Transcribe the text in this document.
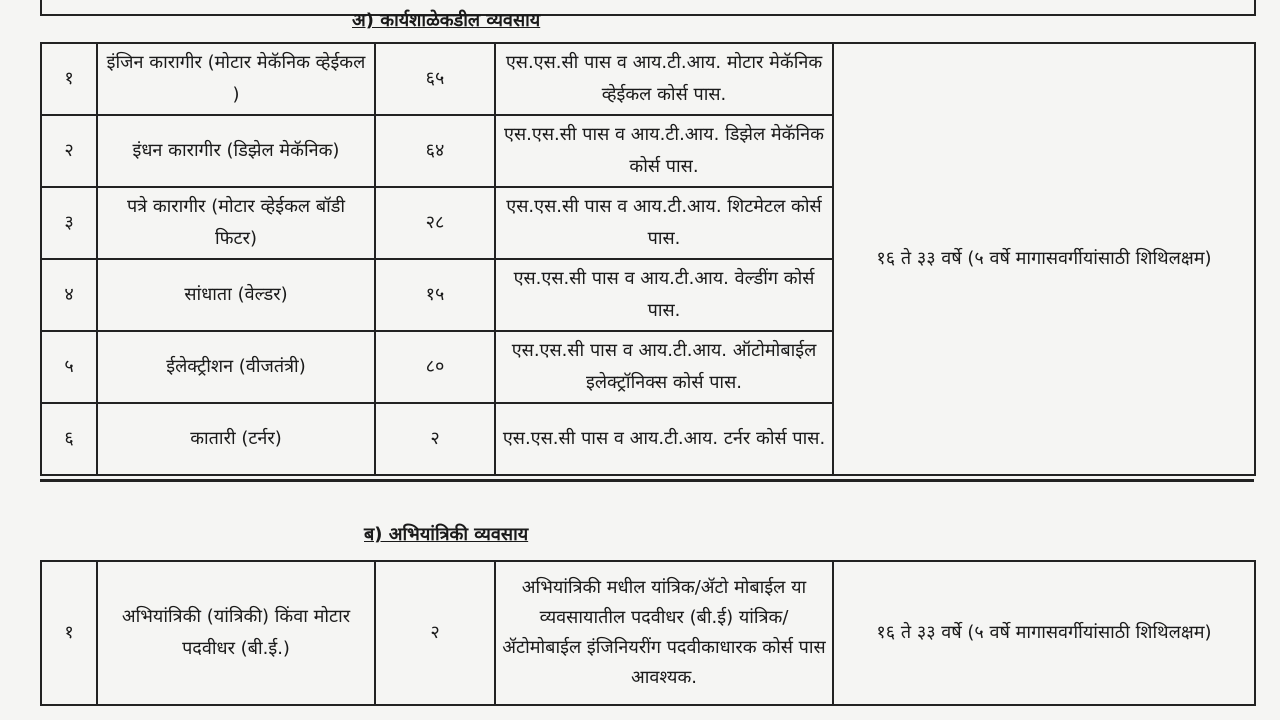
अ) कार्यशाळेकडील व्यवसाय
१	इंजिन कारागीर (मोटार मेकॅनिक व्हेईकल )	६५	एस.एस.सी पास व आय.टी.आय. मोटार मेकॅनिक व्हेईकल कोर्स पास.	१६ ते ३३ वर्षे (५ वर्षे मागासवर्गीयांसाठी शिथिलक्षम)
२	इंधन कारागीर (डिझेल मेकॅनिक)	६४	एस.एस.सी पास व आय.टी.आय. डिझेल मेकॅनिक कोर्स पास.	
३	पत्रे कारागीर (मोटार व्हेईकल बॉडी फिटर)	२८	एस.एस.सी पास व आय.टी.आय. शिटमेटल कोर्स पास.	
४	सांधाता (वेल्डर)	१५	एस.एस.सी पास व आय.टी.आय. वेल्डींग कोर्स पास.	
५	ईलेक्ट्रीशन (वीजतंत्री)	८०	एस.एस.सी पास व आय.टी.आय. ऑटोमोबाईल इलेक्ट्रॉनिक्स कोर्स पास.	
६	कातारी (टर्नर)	२	एस.एस.सी पास व आय.टी.आय. टर्नर कोर्स पास.	
ब) अभियांत्रिकी व्यवसाय
१	अभियांत्रिकी (यांत्रिकी) किंवा मोटार पदवीधर (बी.ई.)	२	अभियांत्रिकी मधील यांत्रिक/ॲटो मोबाईल या व्यवसायातील पदवीधर (बी.ई) यांत्रिक/ॲटोमोबाईल इंजिनियरींग पदवीकाधारक कोर्स पास आवश्यक.	१६ ते ३३ वर्षे (५ वर्षे मागासवर्गीयांसाठी शिथिलक्षम)
